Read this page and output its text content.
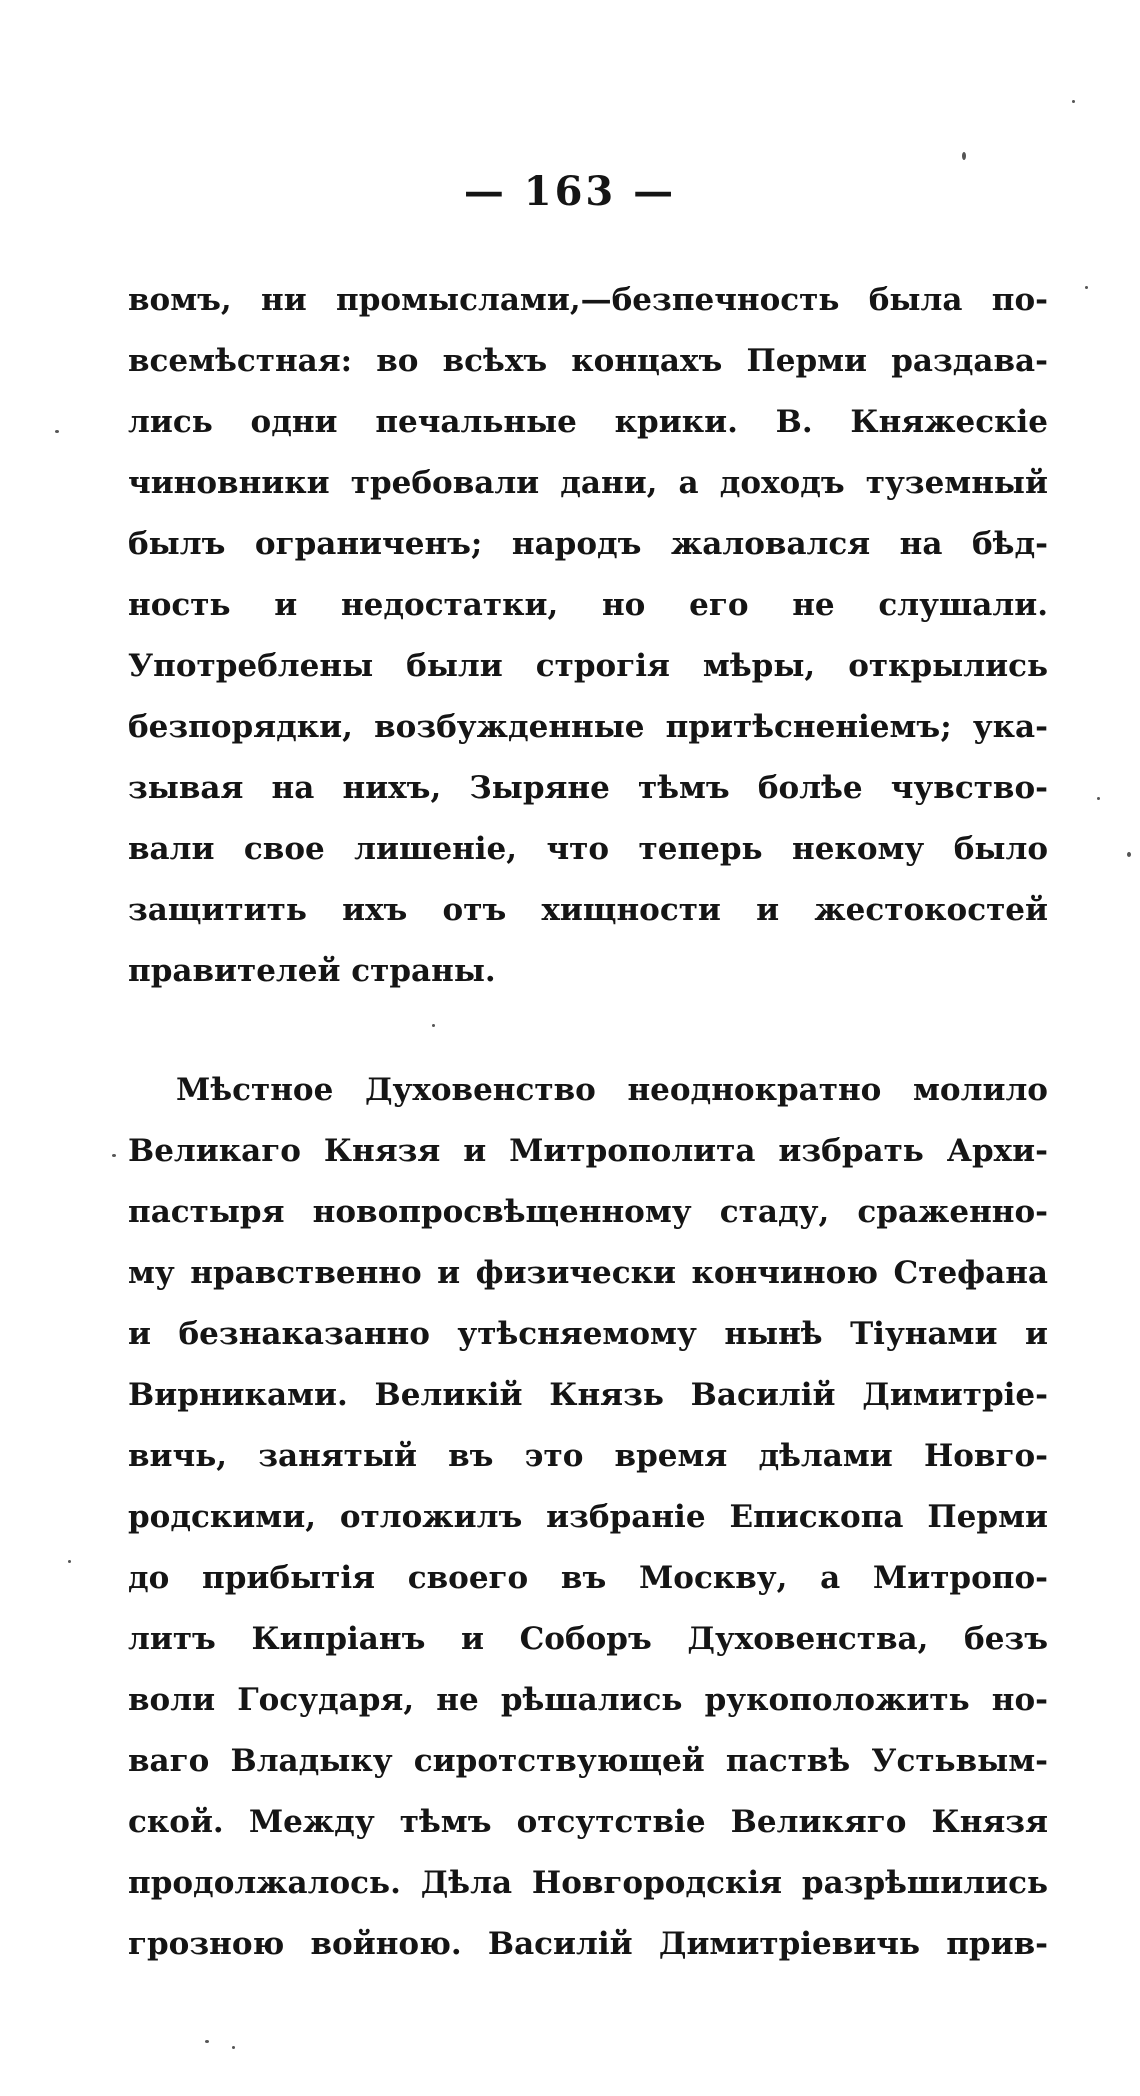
— 163 —
вомъ, ни промыслами,—безпечность была по-
всемѣстная: во всѣхъ концахъ Перми раздава-
лись одни печальные крики. В. Княжескіе
чиновники требовали дани, а доходъ туземный
былъ ограниченъ; народъ жаловался на бѣд-
ность и недостатки, но его не слушали.
Употреблены были строгія мѣры, открылись
безпорядки, возбужденные притѣсненіемъ; ука-
зывая на нихъ, Зыряне тѣмъ болѣе чувство-
вали свое лишеніе, что теперь некому было
защитить ихъ отъ хищности и жестокостей
правителей страны.
Мѣстное Духовенство неоднократно молило
Великаго Князя и Митрополита избрать Архи-
пастыря новопросвѣщенному стаду, сраженно-
му нравственно и физически кончиною Стефана
и безнаказанно утѣсняемому нынѣ Тіунами и
Вирниками. Великій Князь Василій Димитріе-
вичь, занятый въ это время дѣлами Новго-
родскими, отложилъ избраніе Епископа Перми
до прибытія своего въ Москву, а Митропо-
литъ Кипріанъ и Соборъ Духовенства, безъ
воли Государя, не рѣшались рукоположить но-
ваго Владыку сиротствующей паствѣ Устьвым-
ской. Между тѣмъ отсутствіе Великяго Князя
продолжалось. Дѣла Новгородскія разрѣшились
грозною войною. Василій Димитріевичь прив-
